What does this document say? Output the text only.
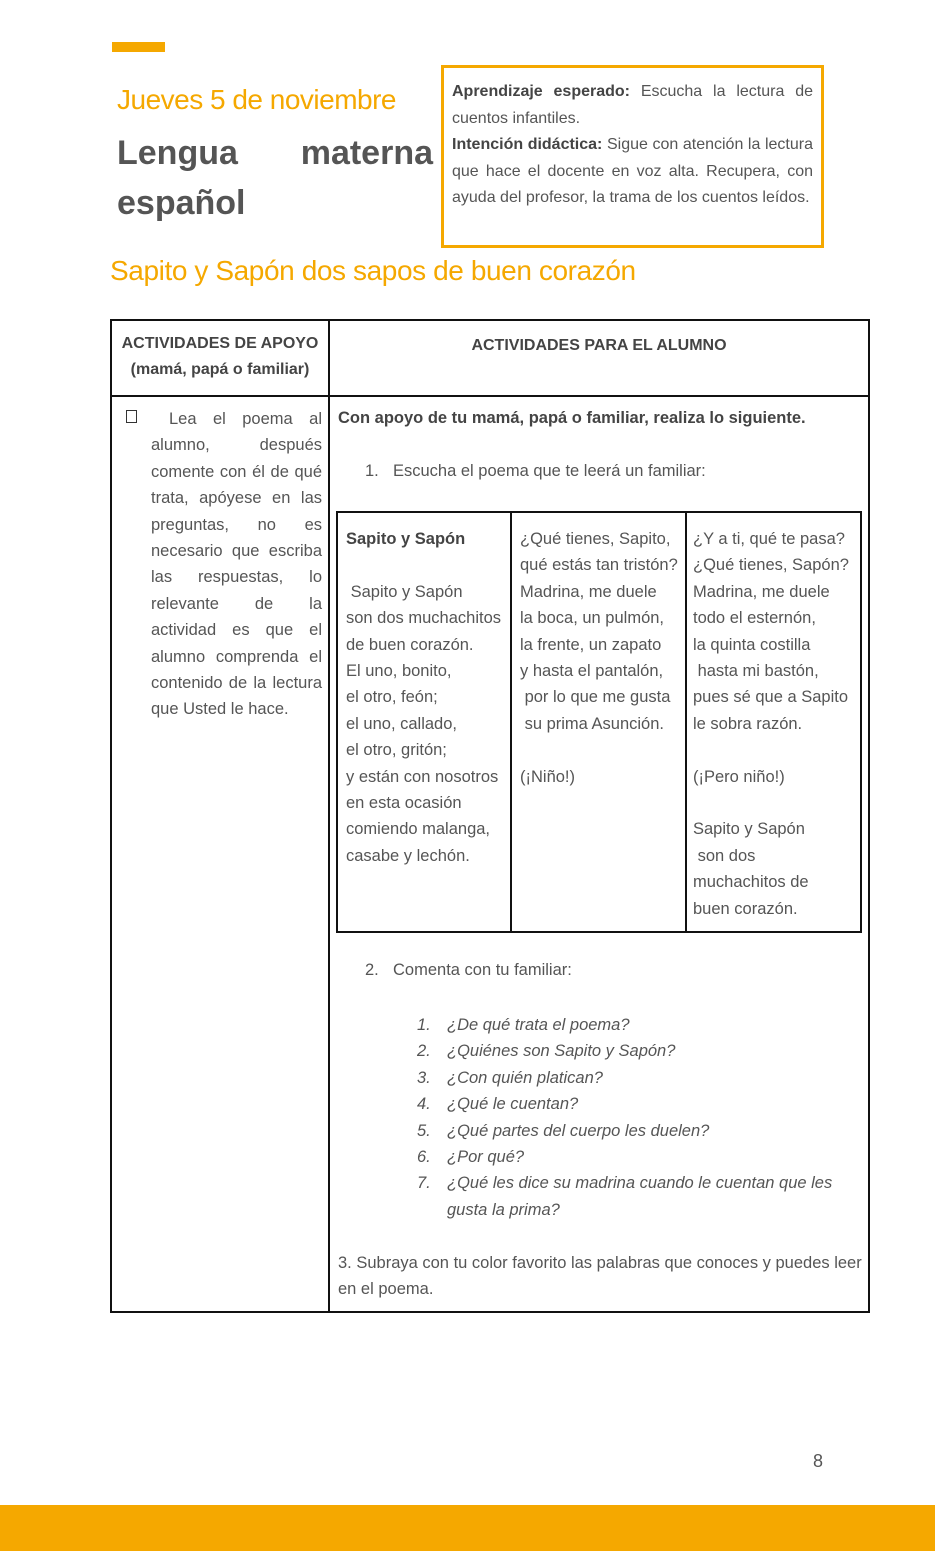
Jueves 5 de noviembre
Lengua materna
español
Aprendizaje esperado: Escucha la lectura de cuentos infantiles.
Intención didáctica: Sigue con atención la lectura que hace el docente en voz alta. Recupera, con ayuda del profesor, la trama de los cuentos leídos.
Sapito y Sapón dos sapos de buen corazón
ACTIVIDADES DE APOYO
(mamá, papá o familiar)
ACTIVIDADES PARA EL ALUMNO
Lea el poema al alumno, después comente con él de qué trata, apóyese en las preguntas, no es necesario que escriba las respuestas, lo relevante de la actividad es que el alumno comprenda el contenido de la lectura que Usted le hace.
Con apoyo de tu mamá, papá o familiar, realiza lo siguiente.
1. Escucha el poema que te leerá un familiar:
Sapito y Sapón

Sapito y Sapón
son dos muchachitos
de buen corazón.
El uno, bonito,
el otro, feón;
el uno, callado,
el otro, gritón;
y están con nosotros
en esta ocasión
comiendo malanga,
casabe y lechón.
¿Qué tienes, Sapito,
qué estás tan tristón?
Madrina, me duele
la boca, un pulmón,
la frente, un zapato
y hasta el pantalón,
por lo que me gusta
su prima Asunción.

(¡Niño!)
¿Y a ti, qué te pasa?
¿Qué tienes, Sapón?
Madrina, me duele
todo el esternón,
la quinta costilla
hasta mi bastón,
pues sé que a Sapito
le sobra razón.

(¡Pero niño!)

Sapito y Sapón
son dos
muchachitos de
buen corazón.
2. Comenta con tu familiar:
1. ¿De qué trata el poema?
2. ¿Quiénes son Sapito y Sapón?
3. ¿Con quién platican?
4. ¿Qué le cuentan?
5. ¿Qué partes del cuerpo les duelen?
6. ¿Por qué?
7. ¿Qué les dice su madrina cuando le cuentan que les gusta la prima?
3. Subraya con tu color favorito las palabras que conoces y puedes leer en el poema.
8
